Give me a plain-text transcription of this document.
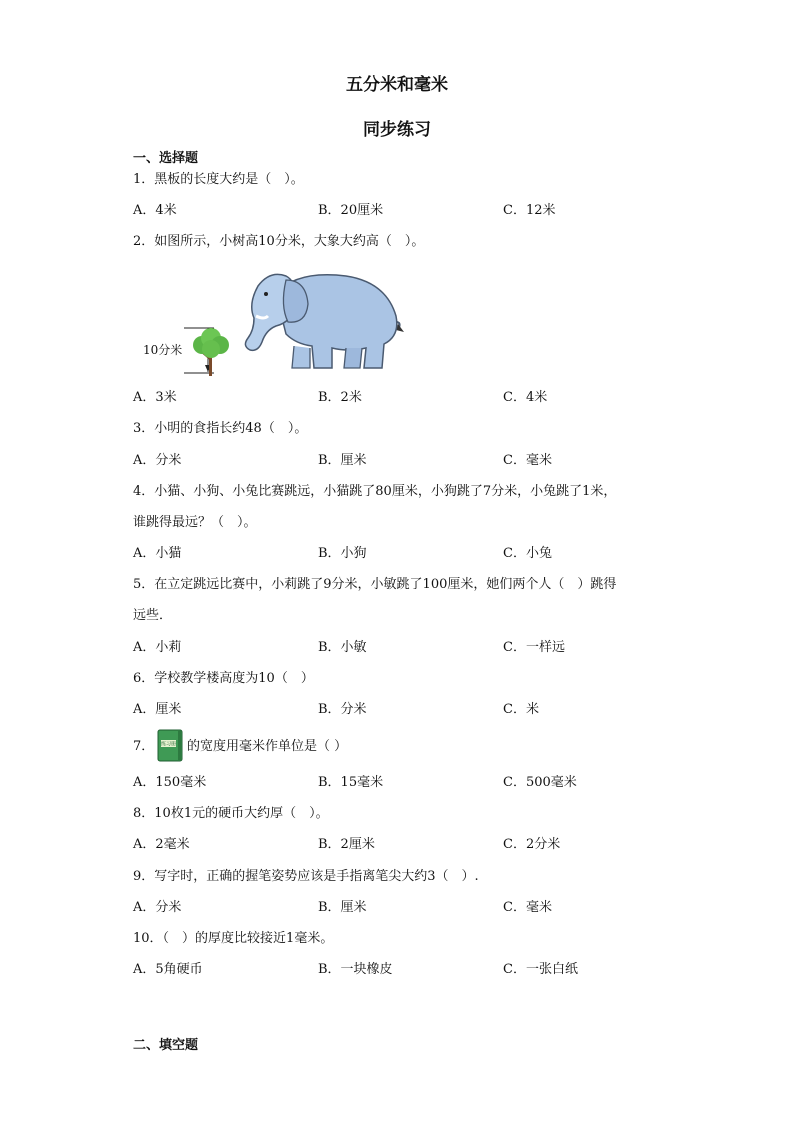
五分米和毫米
同步练习
一、选择题
1．黑板的长度大约是（　）。
A．4米	B．20厘米	C．12米
2．如图所示，小树高10分米，大象大约高（　）。
10分米
A．3米	B．2米	C．4米
3．小明的食指长约48（　）。
A．分米	B．厘米	C．毫米
4．小猫、小狗、小兔比赛跳远，小猫跳了80厘米，小狗跳了7分米，小兔跳了1米，
谁跳得最远？（　）。
A．小猫	B．小狗	C．小兔
5．在立定跳远比赛中，小莉跳了9分米，小敏跳了100厘米，她们两个人（　）跳得
远些．
A．小莉	B．小敏	C．一样远
6．学校教学楼高度为10（　）
A．厘米	B．分米	C．米
7． 练习册 的宽度用毫米作单位是（ ）
A．150毫米	B．15毫米	C．500毫米
8．10枚1元的硬币大约厚（　）。
A．2毫米	B．2厘米	C．2分米
9．写字时，正确的握笔姿势应该是手指离笔尖大约3（　）.
A．分米	B．厘米	C．毫米
10．（　）的厚度比较接近1毫米。
A．5角硬币	B．一块橡皮	C．一张白纸
二、填空题
